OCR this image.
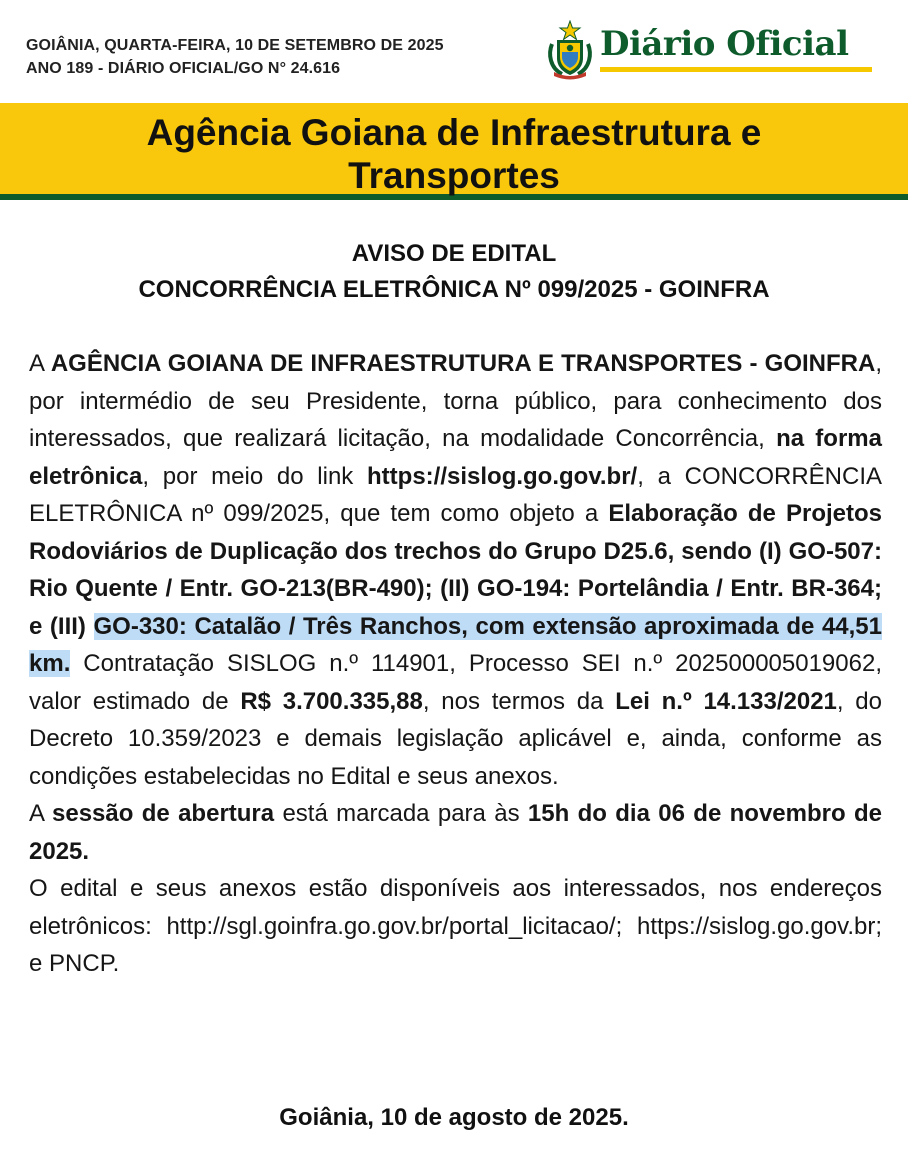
GOIÂNIA, QUARTA-FEIRA, 10 DE SETEMBRO DE 2025
ANO 189 - DIÁRIO OFICIAL/GO N° 24.616
Diário Oficial
Agência Goiana de Infraestrutura e Transportes
AVISO DE EDITAL
CONCORRÊNCIA ELETRÔNICA Nº 099/2025 - GOINFRA

A AGÊNCIA GOIANA DE INFRAESTRUTURA E TRANSPORTES - GOINFRA, por intermédio de seu Presidente, torna público, para conhecimento dos interessados, que realizará licitação, na modalidade Concorrência, na forma eletrônica, por meio do link https://sislog.go.gov.br/, a CONCORRÊNCIA ELETRÔNICA nº 099/2025, que tem como objeto a Elaboração de Projetos Rodoviários de Duplicação dos trechos do Grupo D25.6, sendo (I) GO-507: Rio Quente / Entr. GO-213(BR-490); (II) GO-194: Portelândia / Entr. BR-364; e (III) GO-330: Catalão / Três Ranchos, com extensão aproximada de 44,51 km. Contratação SISLOG n.º 114901, Processo SEI n.º 202500005019062, valor estimado de R$ 3.700.335,88, nos termos da Lei n.º 14.133/2021, do Decreto 10.359/2023 e demais legislação aplicável e, ainda, conforme as condições estabelecidas no Edital e seus anexos.

A sessão de abertura está marcada para às 15h do dia 06 de novembro de 2025.

O edital e seus anexos estão disponíveis aos interessados, nos endereços eletrônicos: http://sgl.goinfra.go.gov.br/portal_licitacao/; https://sislog.go.gov.br; e PNCP.

Goiânia, 10 de agosto de 2025.
